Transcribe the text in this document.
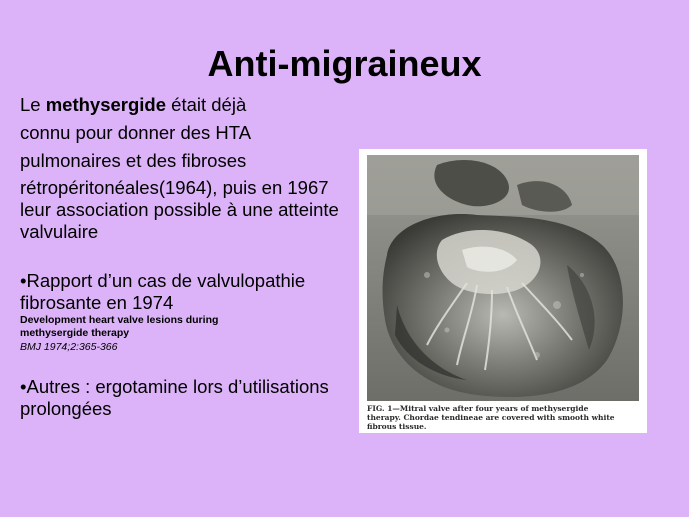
Anti-migraineux
Le methysergide était déjà
connu pour donner des HTA
pulmonaires et des fibroses
rétropéritonéales(1964), puis en 1967
leur association possible à une atteinte
valvulaire
•Rapport d’un cas de valvulopathie
fibrosante en 1974
Development heart valve lesions during
methysergide therapy
BMJ 1974;2:365-366
•Autres : ergotamine lors d’utilisations
prolongées	FIG. 1—Mitral valve after four years of methysergide
therapy. Chordae tendineae are covered with smooth white
fibrous tissue.
